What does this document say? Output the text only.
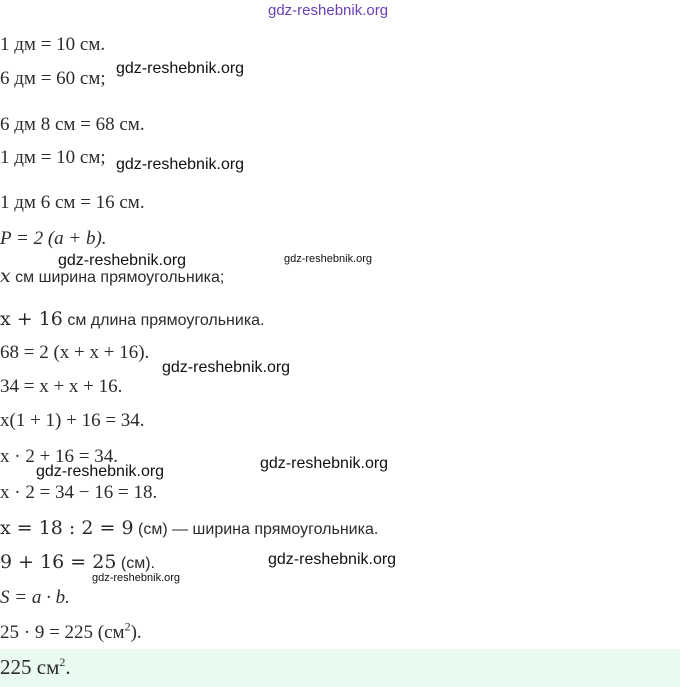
gdz-reshebnik.org
1 дм = 10 см.
6 дм = 60 см; gdz-reshebnik.org
6 дм 8 см = 68 см.
1 дм = 10 см; gdz-reshebnik.org
1 дм 6 см = 16 см.
P = 2 (a + b).
gdz-reshebnik.org	gdz-reshebnik.org
x см ширина прямоугольника;
x + 16 см длина прямоугольника.
68 = 2 (x + x + 16).
gdz-reshebnik.org
34 = x + x + 16.
x(1 + 1) + 16 = 34.
x · 2 + 16 = 34.
gdz-reshebnik.org	gdz-reshebnik.org
x · 2 = 34 − 16 = 18.
x = 18 : 2 = 9 (см) — ширина прямоугольника.
9 + 16 = 25 (см).	gdz-reshebnik.org
gdz-reshebnik.org
S = a · b.
25 · 9 = 225 $(см^2)$.
225 $см^2$.
